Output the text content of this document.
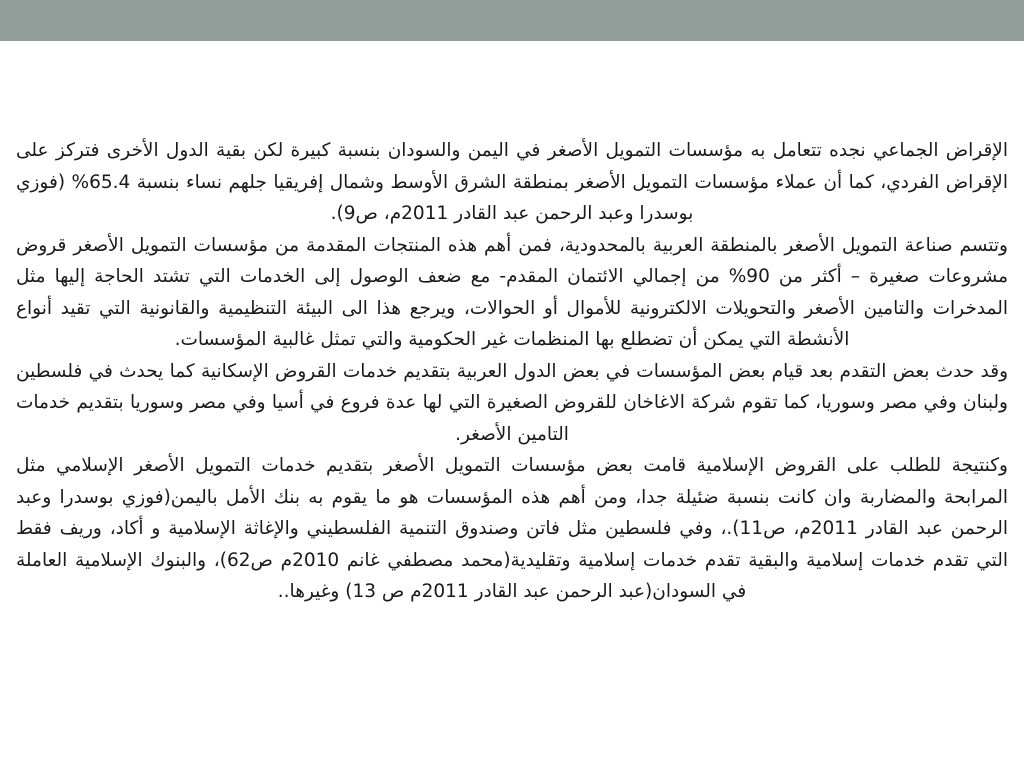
الإقراض الجماعي نجده تتعامل به مؤسسات التمويل الأصغر في اليمن والسودان بنسبة كبيرة لكن بقية الدول الأخرى فتركز على الإقراض الفردي، كما أن عملاء مؤسسات التمويل الأصغر بمنطقة الشرق الأوسط وشمال إفريقيا جلهم نساء بنسبة 65.4% (فوزي بوسدرا وعبد الرحمن عبد القادر 2011م، ص9).

وتتسم صناعة التمويل الأصغر بالمنطقة العربية بالمحدودية، فمن أهم هذه المنتجات المقدمة من مؤسسات التمويل الأصغر قروض مشروعات صغيرة – أكثر من 90% من إجمالي الائتمان المقدم- مع ضعف الوصول إلى الخدمات التي تشتد الحاجة إليها مثل المدخرات والتامين الأصغر والتحويلات الالكترونية للأموال أو الحوالات، ويرجع هذا الى البيئة التنظيمية والقانونية التي تقيد أنواع الأنشطة التي يمكن أن تضطلع بها المنظمات غير الحكومية والتي تمثل غالبية المؤسسات.

وقد حدث بعض التقدم بعد قيام بعض المؤسسات في بعض الدول العربية بتقديم خدمات القروض الإسكانية كما يحدث في فلسطين ولبنان وفي مصر وسوريا، كما تقوم شركة الاغاخان للقروض الصغيرة التي لها عدة فروع في أسيا وفي مصر وسوريا بتقديم خدمات التامين الأصغر.

وكنتيجة للطلب على القروض الإسلامية قامت بعض مؤسسات التمويل الأصغر بتقديم خدمات التمويل الأصغر الإسلامي مثل المرابحة والمضاربة وان كانت بنسبة ضئيلة جدا، ومن أهم هذه المؤسسات هو ما يقوم به بنك الأمل باليمن(فوزي بوسدرا وعبد الرحمن عبد القادر 2011م، ص11).، وفي فلسطين مثل فاتن وصندوق التنمية الفلسطيني والإغاثة الإسلامية و أكاد، وريف فقط التي تقدم خدمات إسلامية والبقية تقدم خدمات إسلامية وتقليدية(محمد مصطفي غانم 2010م ص62)، والبنوك الإسلامية العاملة في السودان(عبد الرحمن عبد القادر 2011م ص 13) وغيرها..
